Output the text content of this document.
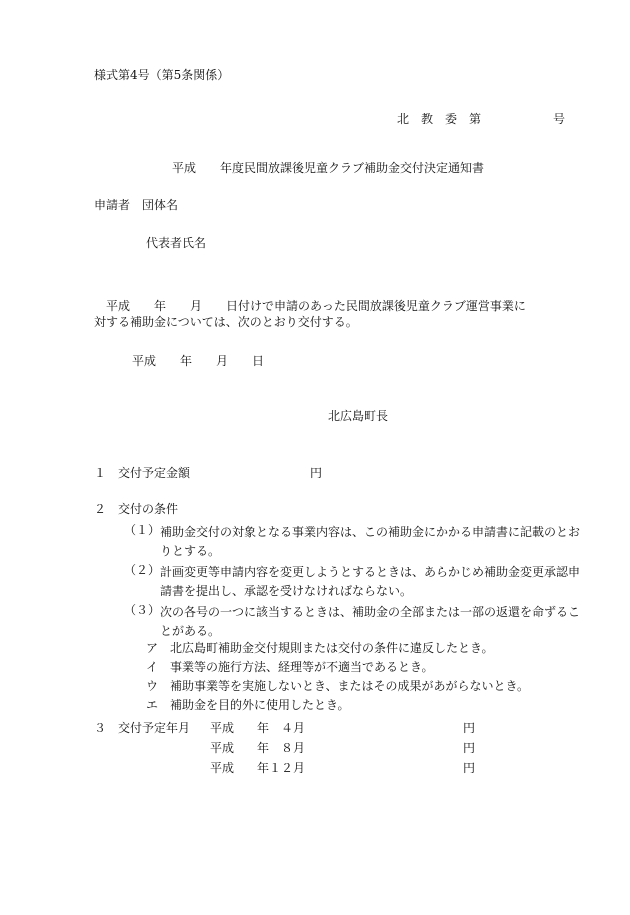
様式第4号（第5条関係）
北　教　委　第　　　　　　号
平成　　年度民間放課後児童クラブ補助金交付決定通知書
申請者　団体名
代表者氏名
平成　　年　　月　　日付けで申請のあった民間放課後児童クラブ運営事業に対する補助金については、次のとおり交付する。
平成　　年　　月　　日
北広島町長
１　交付予定金額　　　　　　　　　　円
２　交付の条件
（１） 補助金交付の対象となる事業内容は、この補助金にかかる申請書に記載のとおりとする。
（２） 計画変更等申請内容を変更しようとするときは、あらかじめ補助金変更承認申請書を提出し、承認を受けなければならない。
（３） 次の各号の一つに該当するときは、補助金の全部または一部の返還を命ずることがある。
ア　北広島町補助金交付規則または交付の条件に違反したとき。
イ　事業等の施行方法、経理等が不適当であるとき。
ウ　補助事業等を実施しないとき、またはその成果があがらないとき。
エ　補助金を目的外に使用したとき。
３　交付予定年月 平成 年　４月	円
平成 年　８月	円
平成 年１２月	円
